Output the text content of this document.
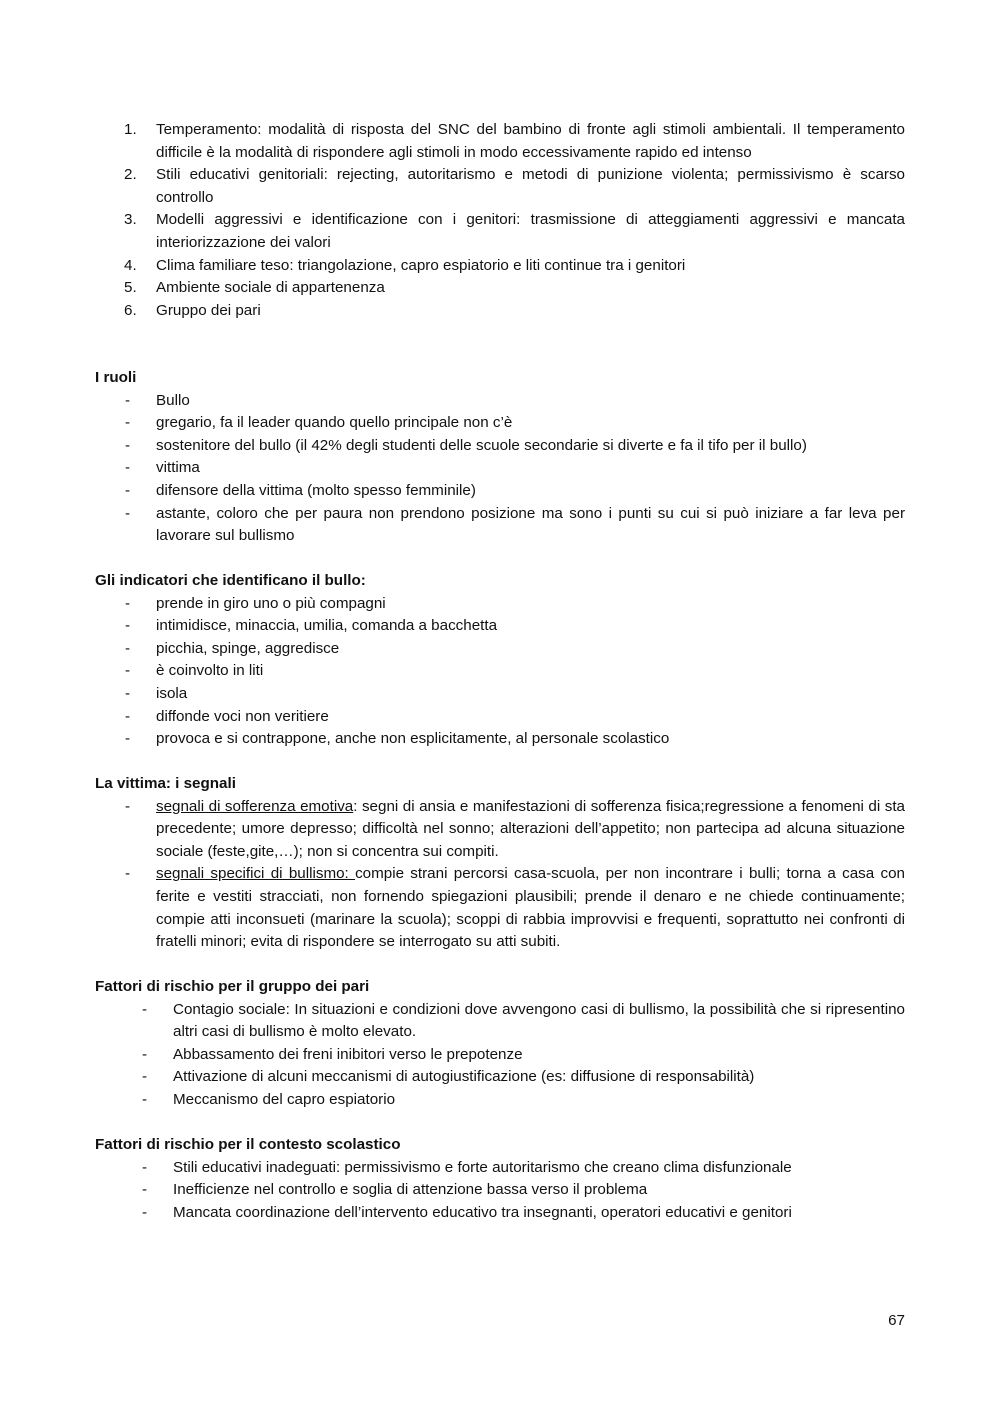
1. Temperamento: modalità di risposta del SNC del bambino di fronte agli stimoli ambientali. Il temperamento difficile è la modalità di rispondere agli stimoli in modo eccessivamente rapido ed intenso
2. Stili educativi genitoriali: rejecting, autoritarismo e metodi di punizione violenta; permissivismo è scarso controllo
3. Modelli aggressivi e identificazione con i genitori: trasmissione di atteggiamenti aggressivi e mancata interiorizzazione dei valori
4. Clima familiare teso: triangolazione, capro espiatorio e liti continue tra i genitori
5. Ambiente sociale di appartenenza
6. Gruppo dei pari

I ruoli

- Bullo
- gregario, fa il leader quando quello principale non c’è
- sostenitore del bullo (il 42% degli studenti delle scuole secondarie si diverte e fa il tifo per il bullo)
- vittima
- difensore della vittima (molto spesso femminile)
- astante, coloro che per paura non prendono posizione ma sono i punti su cui si può iniziare a far leva per lavorare sul bullismo

Gli indicatori che identificano il bullo:

- prende in giro uno o più compagni
- intimidisce, minaccia, umilia, comanda a bacchetta
- picchia, spinge, aggredisce
- è coinvolto in liti
- isola
- diffonde voci non veritiere
- provoca e si contrappone, anche non esplicitamente, al personale scolastico

La vittima: i segnali

- segnali di sofferenza emotiva: segni di ansia e manifestazioni di sofferenza fisica;regressione a fenomeni di sta precedente; umore depresso; difficoltà nel sonno; alterazioni dell’appetito; non partecipa ad alcuna situazione sociale (feste,gite,…); non si concentra sui compiti.
- segnali specifici di bullismo: compie strani percorsi casa-scuola, per non incontrare i bulli; torna a casa con ferite e vestiti stracciati, non fornendo spiegazioni plausibili; prende il denaro e ne chiede continuamente; compie atti inconsueti (marinare la scuola); scoppi di rabbia improvvisi e frequenti, soprattutto nei confronti di fratelli minori; evita di rispondere se interrogato su atti subiti.

Fattori di rischio per il gruppo dei pari

- Contagio sociale: In situazioni e condizioni dove avvengono casi di bullismo, la possibilità che si ripresentino altri casi di bullismo è molto elevato.
- Abbassamento dei freni inibitori verso le prepotenze
- Attivazione di alcuni meccanismi di autogiustificazione (es: diffusione di responsabilità)
- Meccanismo del capro espiatorio

Fattori di rischio per il contesto scolastico

- Stili educativi inadeguati: permissivismo e forte autoritarismo che creano clima disfunzionale
- Inefficienze nel controllo e soglia di attenzione bassa verso il problema
- Mancata coordinazione dell’intervento educativo tra insegnanti, operatori educativi e genitori
67
